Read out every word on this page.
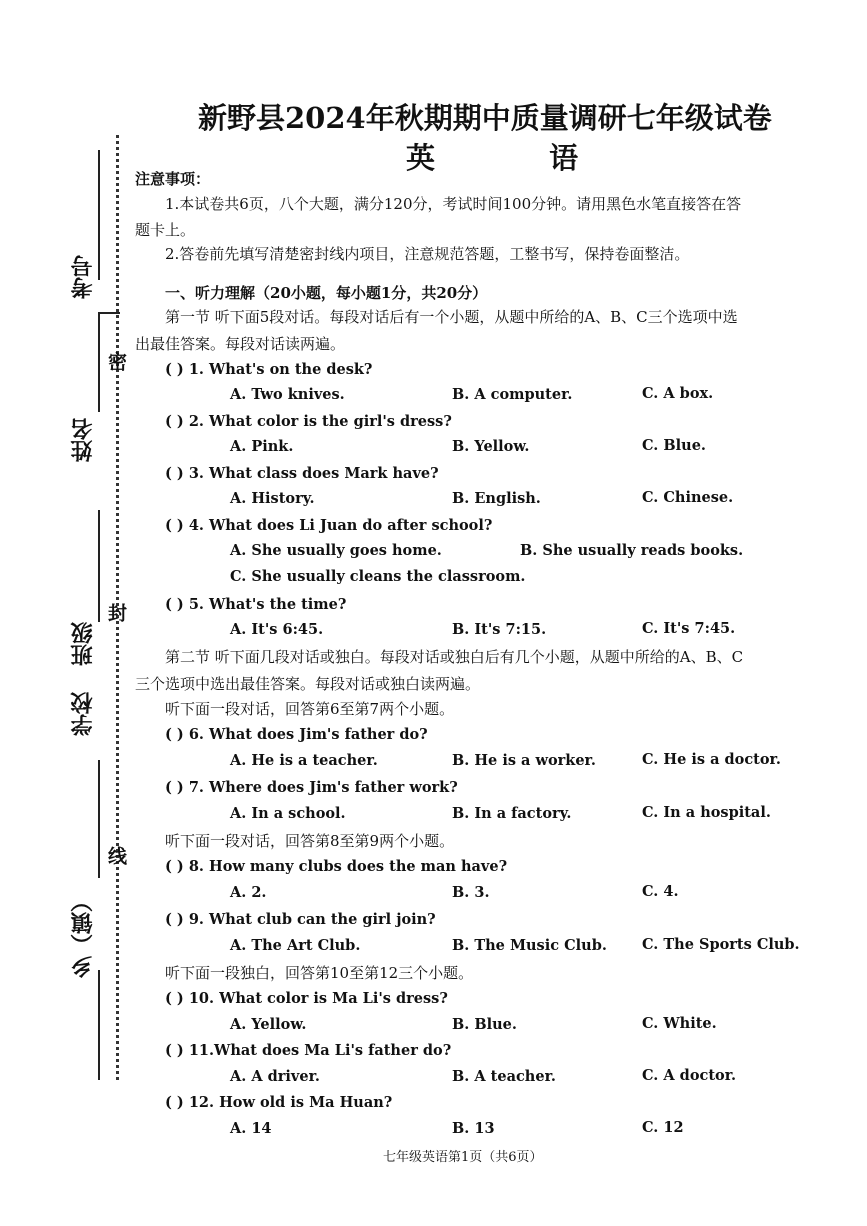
考号
姓名
班级
学校
乡（镇）
密
封
线
新野县2024年秋期期中质量调研七年级试卷
英 语
注意事项：
1.本试卷共6页，八个大题，满分120分，考试时间100分钟。请用黑色水笔直接答在答
题卡上。
2.答卷前先填写清楚密封线内项目，注意规范答题，工整书写，保持卷面整洁。
一、听力理解（20小题，每小题1分，共20分）
第一节 听下面5段对话。每段对话后有一个小题，从题中所给的A、B、C三个选项中选
出最佳答案。每段对话读两遍。
( ) 1. What's on the desk?
A. Two knives.	B. A computer.	C. A box.
( ) 2. What color is the girl's dress?
A. Pink.	B. Yellow.	C. Blue.
( ) 3. What class does Mark have?
A. History.	B. English.	C. Chinese.
( ) 4. What does Li Juan do after school?
A. She usually goes home.	B. She usually reads books.
C. She usually cleans the classroom.
( ) 5. What's the time?
A. It's 6:45.	B. It's 7:15.	C. It's 7:45.
第二节 听下面几段对话或独白。每段对话或独白后有几个小题，从题中所给的A、B、C
三个选项中选出最佳答案。每段对话或独白读两遍。
听下面一段对话，回答第6至第7两个小题。
( ) 6. What does Jim's father do?
A. He is a teacher.	B. He is a worker.	C. He is a doctor.
( ) 7. Where does Jim's father work?
A. In a school.	B. In a factory.	C. In a hospital.
听下面一段对话，回答第8至第9两个小题。
( ) 8. How many clubs does the man have?
A. 2.	B. 3.	C. 4.
( ) 9. What club can the girl join?
A. The Art Club.	B. The Music Club. C. The Sports Club.
听下面一段独白，回答第10至第12三个小题。
( ) 10. What color is Ma Li's dress?
A. Yellow.	B. Blue.	C. White.
( ) 11.What does Ma Li's father do?
A. A driver.	B. A teacher.	C. A doctor.
( ) 12. How old is Ma Huan?
A. 14	B. 13	C. 12
七年级英语第1页（共6页）
